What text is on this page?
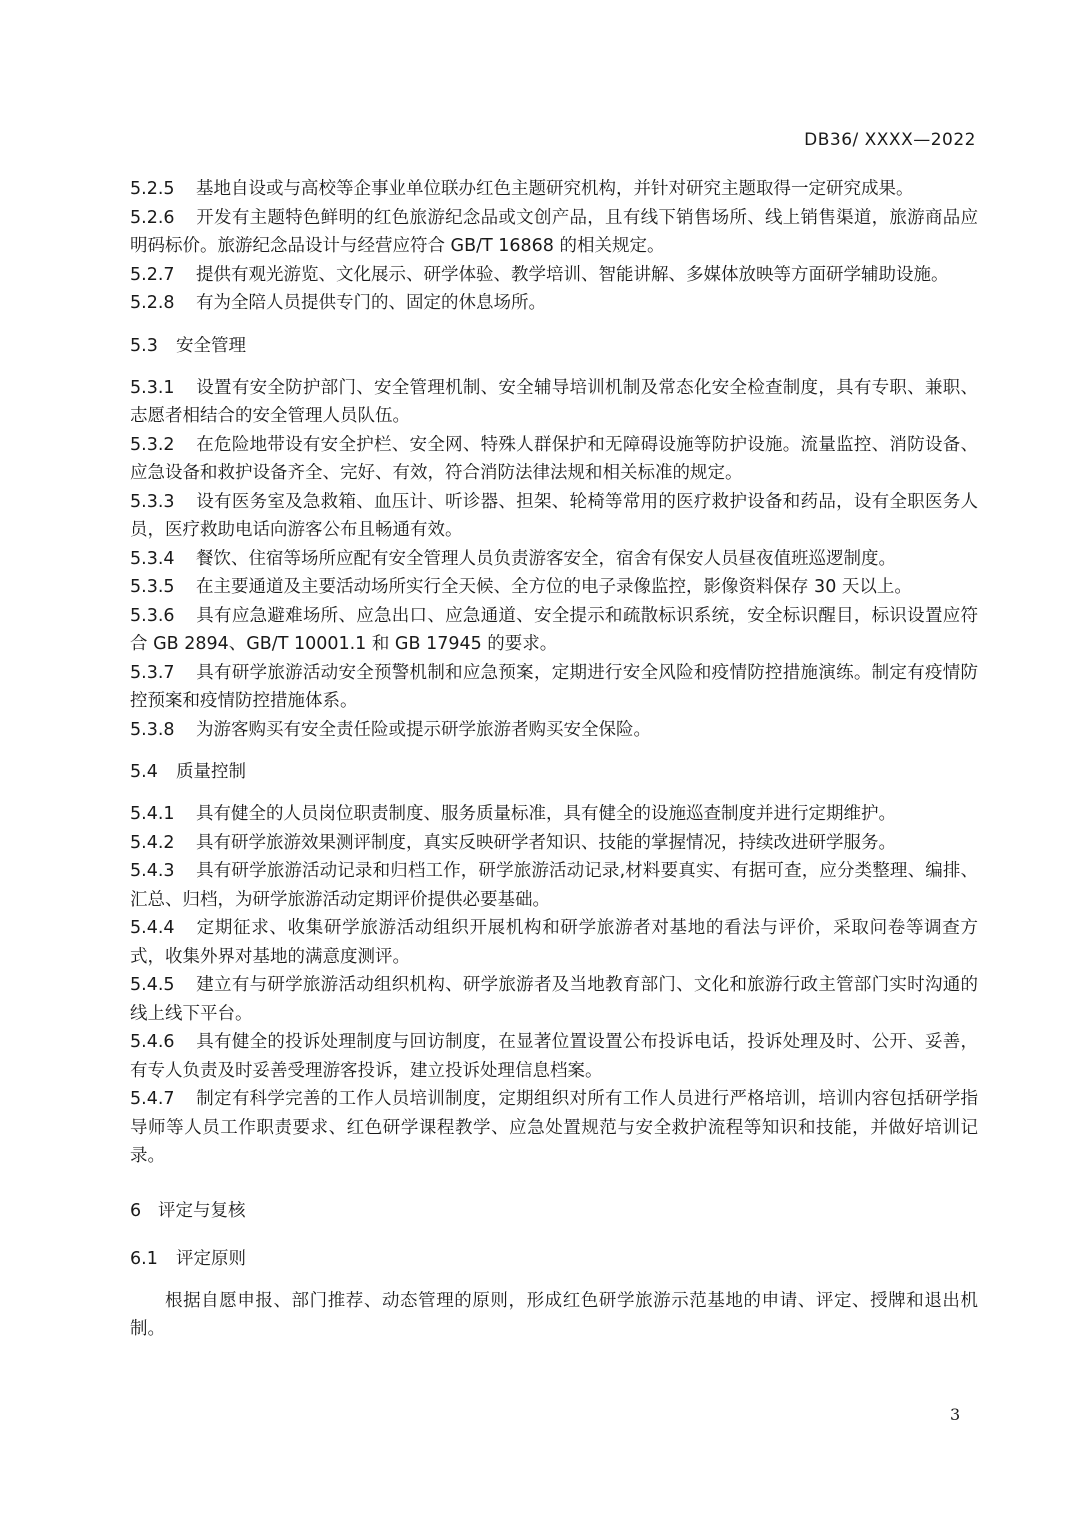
DB36/ XXXX—2022

5.2.5 基地自设或与高校等企事业单位联办红色主题研究机构，并针对研究主题取得一定研究成果。

5.2.6 开发有主题特色鲜明的红色旅游纪念品或文创产品，且有线下销售场所、线上销售渠道，旅游商品应明码标价。旅游纪念品设计与经营应符合 GB/T 16868 的相关规定。

5.2.7 提供有观光游览、文化展示、研学体验、教学培训、智能讲解、多媒体放映等方面研学辅助设施。

5.2.8 有为全陪人员提供专门的、固定的休息场所。

5.3 安全管理

5.3.1 设置有安全防护部门、安全管理机制、安全辅导培训机制及常态化安全检查制度，具有专职、兼职、志愿者相结合的安全管理人员队伍。

5.3.2 在危险地带设有安全护栏、安全网、特殊人群保护和无障碍设施等防护设施。流量监控、消防设备、应急设备和救护设备齐全、完好、有效，符合消防法律法规和相关标准的规定。

5.3.3 设有医务室及急救箱、血压计、听诊器、担架、轮椅等常用的医疗救护设备和药品，设有全职医务人员，医疗救助电话向游客公布且畅通有效。

5.3.4 餐饮、住宿等场所应配有安全管理人员负责游客安全，宿舍有保安人员昼夜值班巡逻制度。

5.3.5 在主要通道及主要活动场所实行全天候、全方位的电子录像监控，影像资料保存 30 天以上。

5.3.6 具有应急避难场所、应急出口、应急通道、安全提示和疏散标识系统，安全标识醒目，标识设置应符合 GB 2894、GB/T 10001.1 和 GB 17945 的要求。

5.3.7 具有研学旅游活动安全预警机制和应急预案，定期进行安全风险和疫情防控措施演练。制定有疫情防控预案和疫情防控措施体系。

5.3.8 为游客购买有安全责任险或提示研学旅游者购买安全保险。

5.4 质量控制

5.4.1 具有健全的人员岗位职责制度、服务质量标准，具有健全的设施巡查制度并进行定期维护。

5.4.2 具有研学旅游效果测评制度，真实反映研学者知识、技能的掌握情况，持续改进研学服务。

5.4.3 具有研学旅游活动记录和归档工作，研学旅游活动记录,材料要真实、有据可查，应分类整理、编排、汇总、归档，为研学旅游活动定期评价提供必要基础。

5.4.4 定期征求、收集研学旅游活动组织开展机构和研学旅游者对基地的看法与评价，采取问卷等调查方式，收集外界对基地的满意度测评。

5.4.5 建立有与研学旅游活动组织机构、研学旅游者及当地教育部门、文化和旅游行政主管部门实时沟通的线上线下平台。

5.4.6 具有健全的投诉处理制度与回访制度，在显著位置设置公布投诉电话，投诉处理及时、公开、妥善，有专人负责及时妥善受理游客投诉，建立投诉处理信息档案。

5.4.7 制定有科学完善的工作人员培训制度，定期组织对所有工作人员进行严格培训，培训内容包括研学指导师等人员工作职责要求、红色研学课程教学、应急处置规范与安全救护流程等知识和技能，并做好培训记录。

6 评定与复核
6.1 评定原则

根据自愿申报、部门推荐、动态管理的原则，形成红色研学旅游示范基地的申请、评定、授牌和退出机制。

3
